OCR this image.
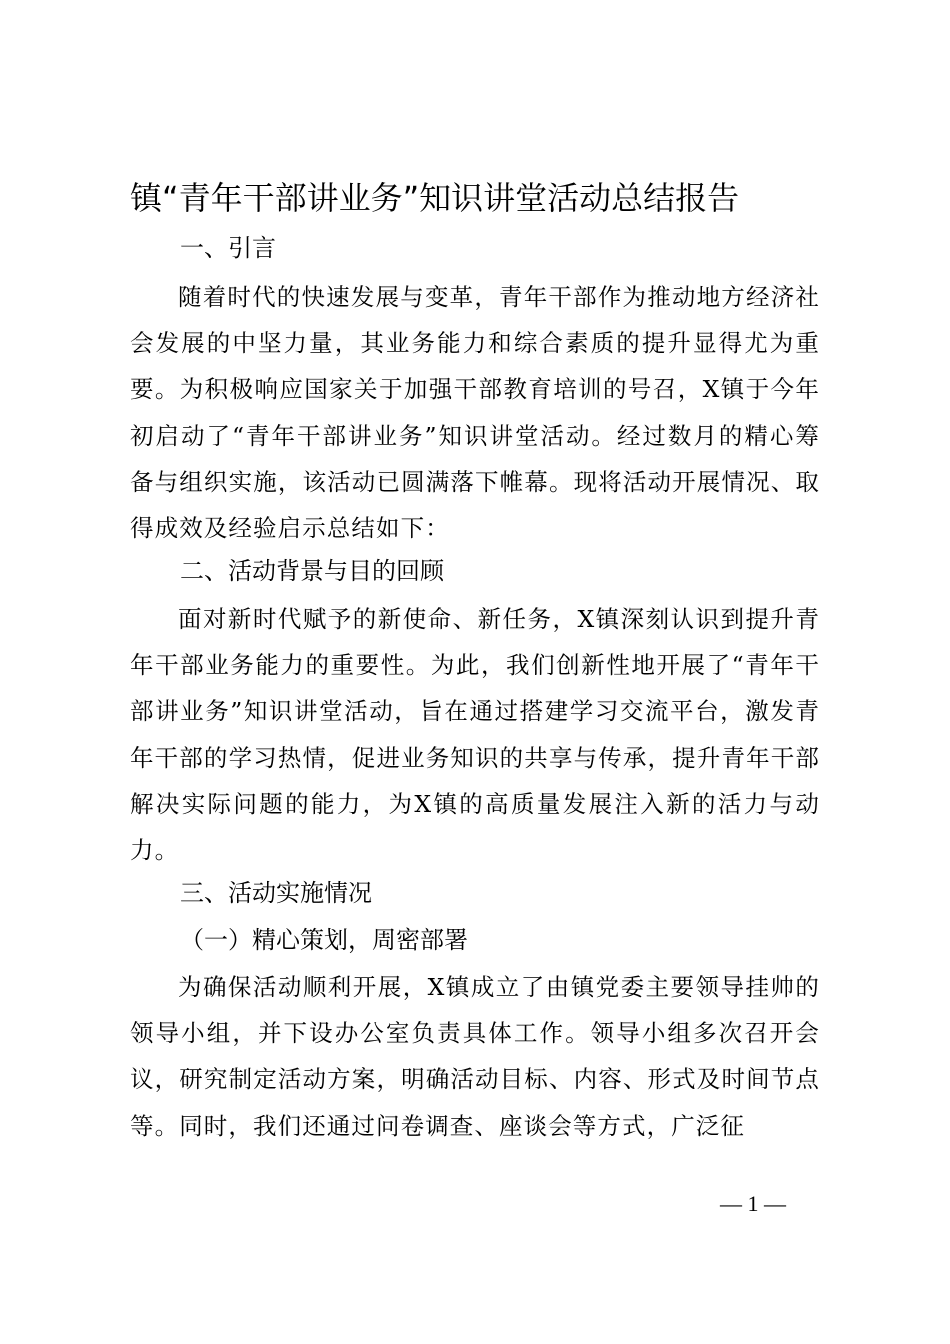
镇“青年干部讲业务”知识讲堂活动总结报告
一、引言

随着时代的快速发展与变革，青年干部作为推动地方经济社会发展的中坚力量，其业务能力和综合素质的提升显得尤为重要。为积极响应国家关于加强干部教育培训的号召，X镇于今年初启动了“青年干部讲业务”知识讲堂活动。经过数月的精心筹备与组织实施，该活动已圆满落下帷幕。现将活动开展情况、取得成效及经验启示总结如下：

二、活动背景与目的回顾

面对新时代赋予的新使命、新任务，X镇深刻认识到提升青年干部业务能力的重要性。为此，我们创新性地开展了“青年干部讲业务”知识讲堂活动，旨在通过搭建学习交流平台，激发青年干部的学习热情，促进业务知识的共享与传承，提升青年干部解决实际问题的能力，为X镇的高质量发展注入新的活力与动力。

三、活动实施情况
（一）精心策划，周密部署

为确保活动顺利开展，X镇成立了由镇党委主要领导挂帅的领导小组，并下设办公室负责具体工作。领导小组多次召开会议，研究制定活动方案，明确活动目标、内容、形式及时间节点等。同时，我们还通过问卷调查、座谈会等方式，广泛征

— 1 —
